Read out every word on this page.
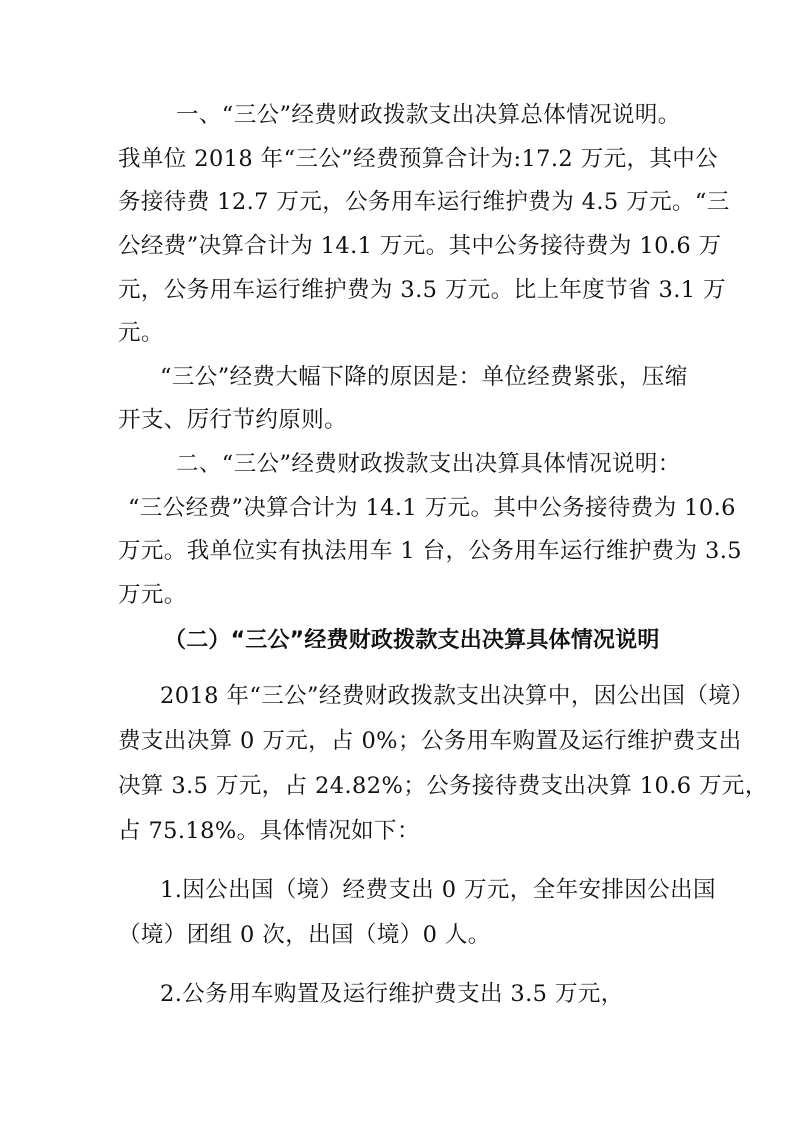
一、“三公”经费财政拨款支出决算总体情况说明。
我单位 2018 年“三公”经费预算合计为:17.2 万元，其中公
务接待费 12.7 万元，公务用车运行维护费为 4.5 万元。“三
公经费”决算合计为 14.1 万元。其中公务接待费为 10.6 万
元，公务用车运行维护费为 3.5 万元。比上年度节省 3.1 万
元。
“三公”经费大幅下降的原因是：单位经费紧张，压缩
开支、厉行节约原则。
二、“三公”经费财政拨款支出决算具体情况说明：
“三公经费”决算合计为 14.1 万元。其中公务接待费为 10.6
万元。我单位实有执法用车 1 台，公务用车运行维护费为 3.5
万元。
（二）“三公”经费财政拨款支出决算具体情况说明
2018 年“三公”经费财政拨款支出决算中，因公出国（境）
费支出决算 0 万元，占 0%；公务用车购置及运行维护费支出
决算 3.5 万元，占 24.82%；公务接待费支出决算 10.6 万元，
占 75.18%。具体情况如下：
1.因公出国（境）经费支出 0 万元，全年安排因公出国
（境）团组 0 次，出国（境）0 人。
2.公务用车购置及运行维护费支出 3.5 万元，
